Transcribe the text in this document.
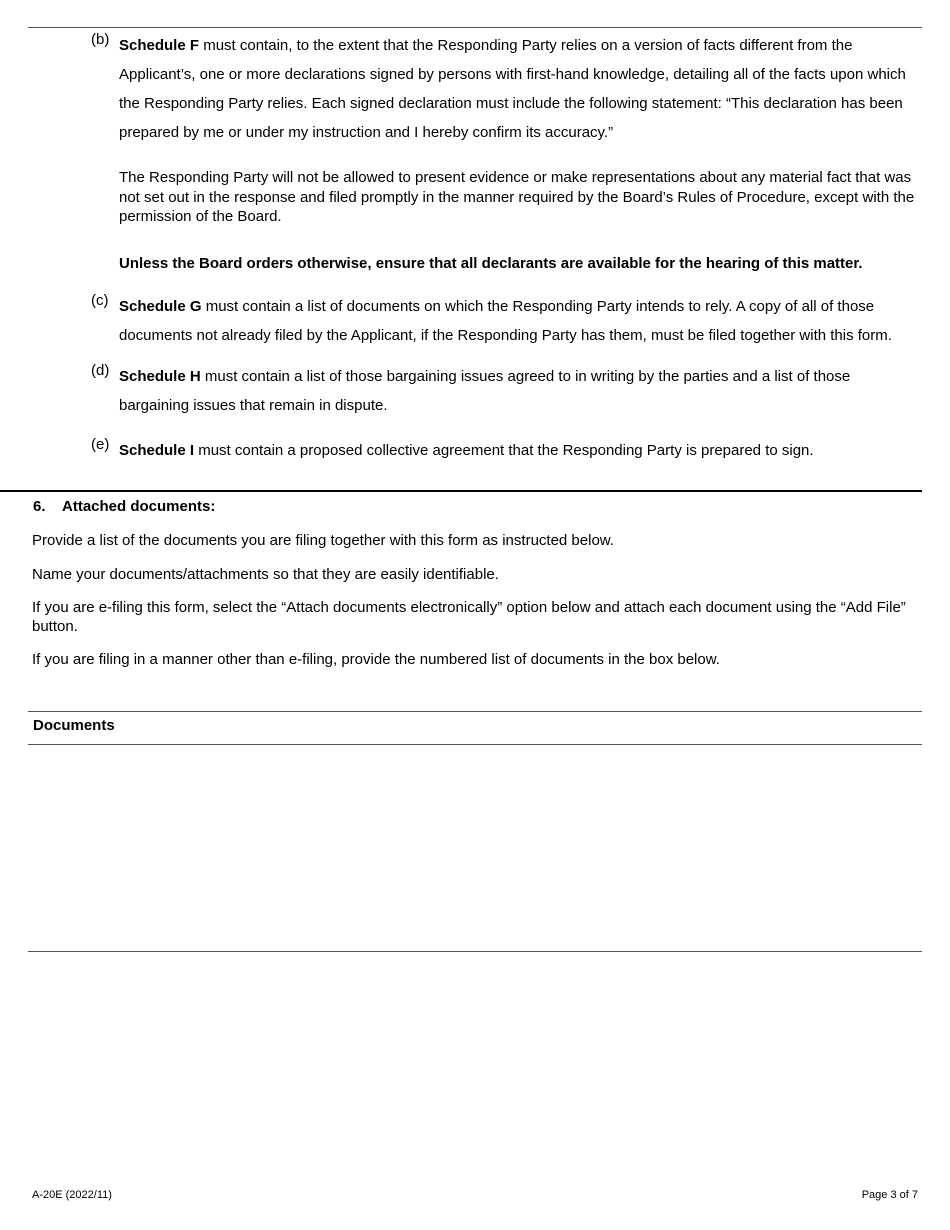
(b) Schedule F must contain, to the extent that the Responding Party relies on a version of facts different from the Applicant’s, one or more declarations signed by persons with first-hand knowledge, detailing all of the facts upon which the Responding Party relies. Each signed declaration must include the following statement: “This declaration has been prepared by me or under my instruction and I hereby confirm its accuracy.”
The Responding Party will not be allowed to present evidence or make representations about any material fact that was not set out in the response and filed promptly in the manner required by the Board’s Rules of Procedure, except with the permission of the Board.
Unless the Board orders otherwise, ensure that all declarants are available for the hearing of this matter.
(c) Schedule G must contain a list of documents on which the Responding Party intends to rely. A copy of all of those documents not already filed by the Applicant, if the Responding Party has them, must be filed together with this form.
(d) Schedule H must contain a list of those bargaining issues agreed to in writing by the parties and a list of those bargaining issues that remain in dispute.
(e) Schedule I must contain a proposed collective agreement that the Responding Party is prepared to sign.
6. Attached documents:
Provide a list of the documents you are filing together with this form as instructed below.
Name your documents/attachments so that they are easily identifiable.
If you are e-filing this form, select the “Attach documents electronically” option below and attach each document using the “Add File” button.
If you are filing in a manner other than e-filing, provide the numbered list of documents in the box below.
Documents
A-20E (2022/11)	Page 3 of 7
